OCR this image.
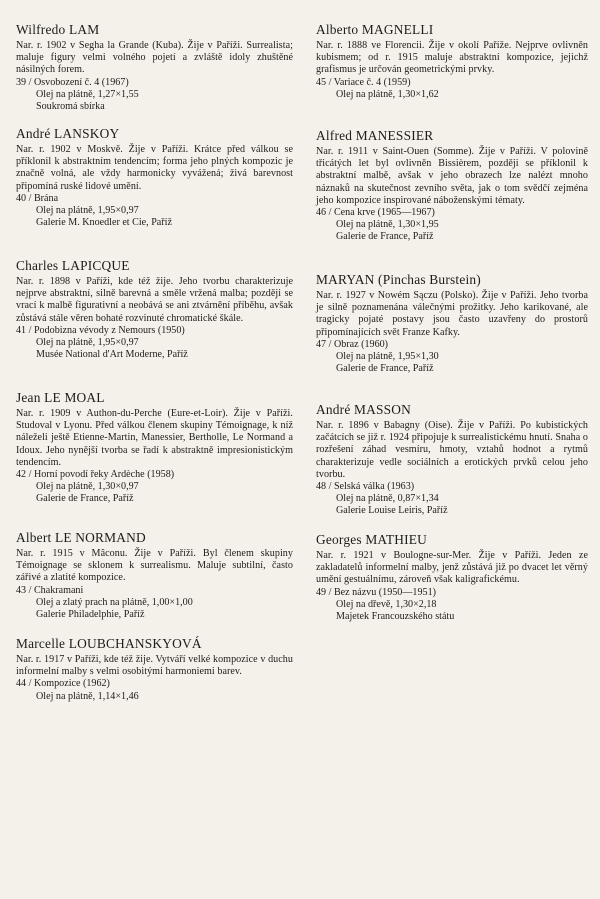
Wilfredo LAM

Nar. r. 1902 v Segha la Grande (Kuba). Žije v Paříži. Surrealista; maluje figury velmi volného pojetí a zvláště idoly zhuštěné násilných forem.

39 / Osvobození č. 4 (1967)

Olej na plátně, 1,27×1,55

Soukromá sbírka

André LANSKOY

Nar. r. 1902 v Moskvě. Žije v Paříži. Krátce před válkou se příklonil k abstraktním tendencím; forma jeho plných kompozic je značně volná, ale vždy harmonicky vyvážená; živá barevnost připomíná ruské lidové umění.

40 / Brána

Olej na plátně, 1,95×0,97

Galerie M. Knoedler et Cie, Paříž

Charles LAPICQUE

Nar. r. 1898 v Paříži, kde též žije. Jeho tvorbu charakterizuje nejprve abstraktní, silně barevná a směle vržená malba; později se vrací k malbě figurativní a neobává se ani ztvárnění příběhu, avšak zůstává stále věren bohaté rozvinuté chromatické škále.

41 / Podobizna vévody z Nemours (1950)

Olej na plátně, 1,95×0,97

Musée National d'Art Moderne, Paříž

Jean LE MOAL

Nar. r. 1909 v Authon-du-Perche (Eure-et-Loir). Žije v Paříži. Studoval v Lyonu. Před válkou členem skupiny Témoignage, k níž náleželi ještě Etienne-Martin, Manessier, Bertholle, Le Normand a Idoux. Jeho nynější tvorba se řadí k abstraktně impresionistickým tendencím.

42 / Horní povodí řeky Ardèche (1958)

Olej na plátně, 1,30×0,97

Galerie de France, Paříž

Albert LE NORMAND

Nar. r. 1915 v Mâconu. Žije v Paříži. Byl členem skupiny Témoignage se sklonem k surrealismu. Maluje subtilní, často zářivé a zlatité kompozice.

43 / Chakramani

Olej a zlatý prach na plátně, 1,00×1,00

Galerie Philadelphie, Paříž

Marcelle LOUBCHANSKYOVÁ

Nar. r. 1917 v Paříži, kde též žije. Vytváří velké kompozice v duchu informelní malby s velmi osobitými harmoniemi barev.

44 / Kompozice (1962)

Olej na plátně, 1,14×1,46

Alberto MAGNELLI

Nar. r. 1888 ve Florencii. Žije v okolí Paříže. Nejprve ovlivněn kubismem; od r. 1915 maluje abstraktní kompozice, jejichž grafismus je určován geometrickými prvky.

45 / Variace č. 4 (1959)

Olej na plátně, 1,30×1,62

Alfred MANESSIER

Nar. r. 1911 v Saint-Ouen (Somme). Žije v Paříži. V polovině třicátých let byl ovlivněn Bissièrem, později se příklonil k abstraktní malbě, avšak v jeho obrazech lze nalézt mnoho náznaků na skutečnost zevního světa, jak o tom svědčí zejména jeho kompozice inspirované náboženskými tématy.

46 / Cena krve (1965—1967)

Olej na plátně, 1,30×1,95

Galerie de France, Paříž

MARYAN (Pinchas Burstein)

Nar. r. 1927 v Nowém Sączu (Polsko). Žije v Paříži. Jeho tvorba je silně poznamenána válečnými prožitky. Jeho karikované, ale tragicky pojaté postavy jsou často uzavřeny do prostorů připomínajících svět Franze Kafky.

47 / Obraz (1960)

Olej na plátně, 1,95×1,30

Galerie de France, Paříž

André MASSON

Nar. r. 1896 v Babagny (Oise). Žije v Paříži. Po kubistických začátcích se již r. 1924 připojuje k surrealistickému hnutí. Snaha o rozřešení záhad vesmíru, hmoty, vztahů hodnot a rytmů charakterizuje vedle sociálních a erotických prvků celou jeho tvorbu.

48 / Selská válka (1963)

Olej na plátně, 0,87×1,34

Galerie Louise Leiris, Paříž

Georges MATHIEU

Nar. r. 1921 v Boulogne-sur-Mer. Žije v Paříži. Jeden ze zakladatelů informelní malby, jenž zůstává již po dvacet let věrný umění gestuálnímu, zároveň však kaligrafickému.

49 / Bez názvu (1950—1951)

Olej na dřevě, 1,30×2,18

Majetek Francouzského státu
